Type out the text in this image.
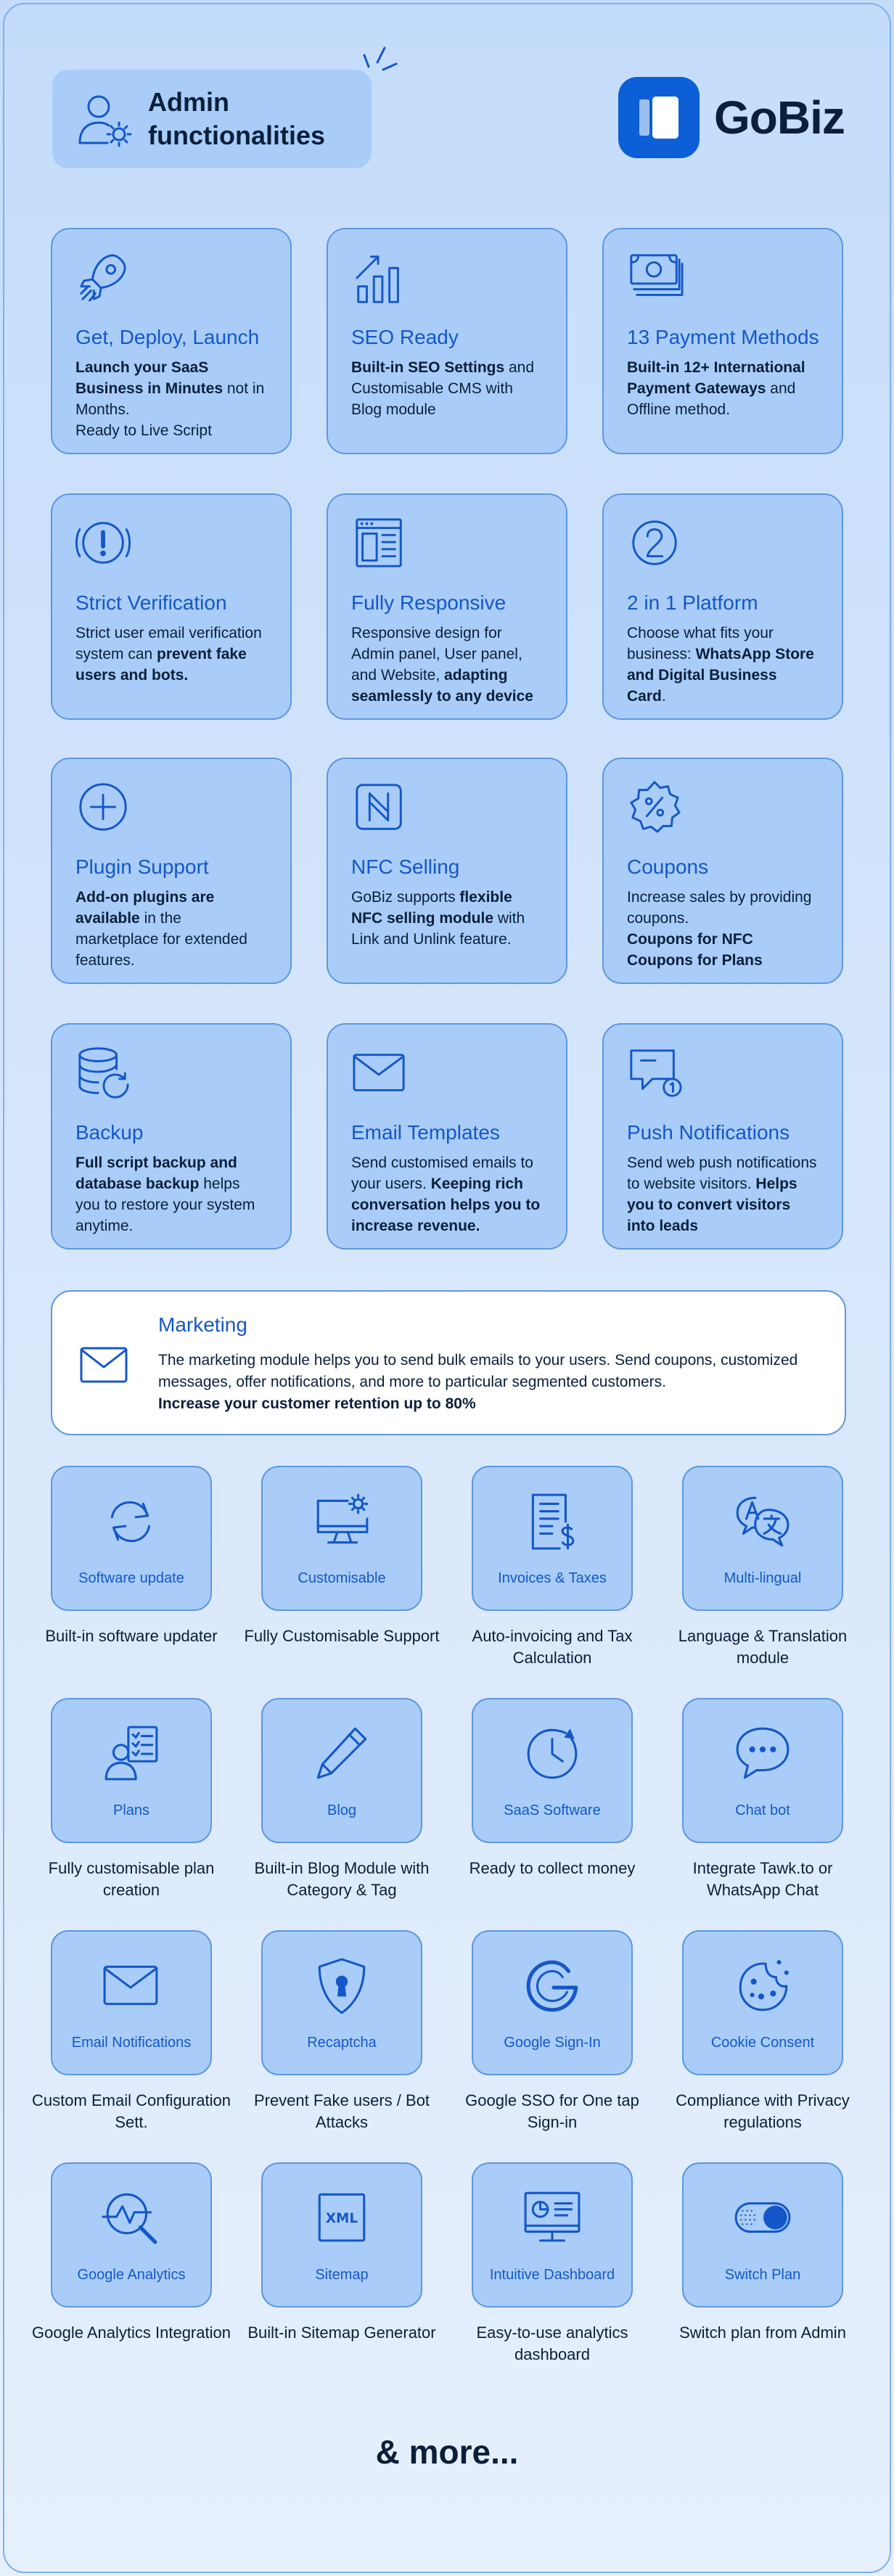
Admin functionalities	GoBiz
Get, Deploy, Launch
Launch your SaaS Business in Minutes not in Months.
Ready to Live Script
SEO Ready
Built-in SEO Settings and Customisable CMS with Blog module
13 Payment Methods
Built-in 12+ International Payment Gateways and Offline method.
Strict Verification
Strict user email verification system can prevent fake users and bots.
Fully Responsive
Responsive design for Admin panel, User panel, and Website, adapting seamlessly to any device
2 in 1 Platform
Choose what fits your business: WhatsApp Store and Digital Business Card.
Plugin Support
Add-on plugins are available in the marketplace for extended features.
NFC Selling
GoBiz supports flexible NFC selling module with Link and Unlink feature.
Coupons
Increase sales by providing coupons.
Coupons for NFC
Coupons for Plans
Backup
Full script backup and database backup helps you to restore your system anytime.
Email Templates
Send customised emails to your users. Keeping rich conversation helps you to increase revenue.
Push Notifications
Send web push notifications to website visitors. Helps you to convert visitors into leads
Marketing
The marketing module helps you to send bulk emails to your users. Send coupons, customized messages, offer notifications, and more to particular segmented customers.
Increase your customer retention up to 80%
Software update
Built-in software updater
Customisable
Fully Customisable Support
Invoices & Taxes
Auto-invoicing and Tax Calculation
Multi-lingual
Language & Translation module
Plans
Fully customisable plan creation
Blog
Built-in Blog Module with Category & Tag
SaaS Software
Ready to collect money
Chat bot
Integrate Tawk.to or WhatsApp Chat
Email Notifications
Custom Email Configuration Sett.
Recaptcha
Prevent Fake users / Bot Attacks
Google Sign-In
Google SSO for One tap Sign-in
Cookie Consent
Compliance with Privacy regulations
Google Analytics
Google Analytics Integration
XML
Sitemap
Built-in Sitemap Generator
Intuitive Dashboard
Easy-to-use analytics dashboard
Switch Plan
Switch plan from Admin
& more...
